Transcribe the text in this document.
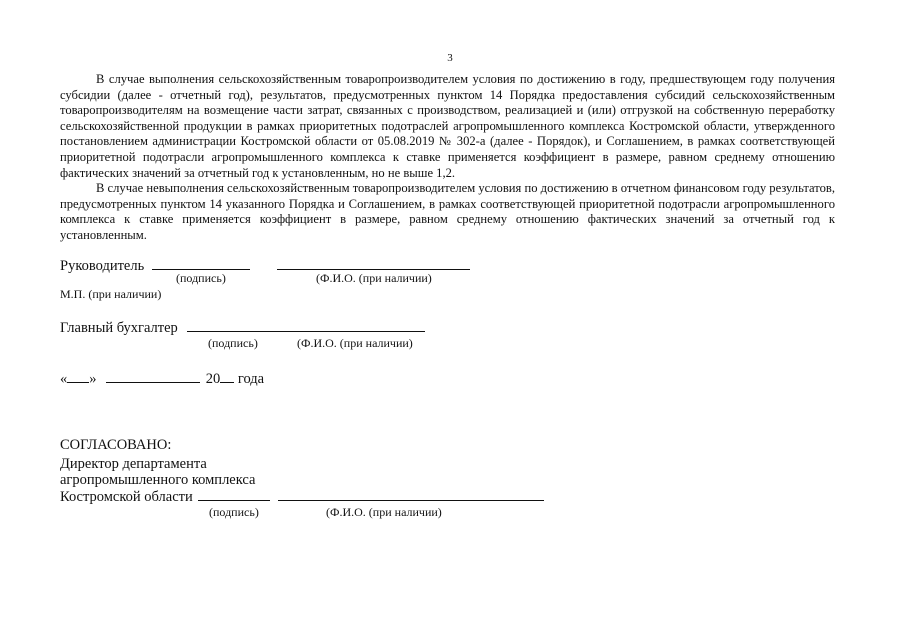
3

В случае выполнения сельскохозяйственным товаропроизводителем условия по достижению в году, предшествующем году получения субсидии (далее - отчетный год), результатов, предусмотренных пунктом 14 Порядка предоставления субсидий сельскохозяйственным товаропроизводителям на возмещение части затрат, связанных с производством, реализацией и (или) отгрузкой на собственную переработку сельскохозяйственной продукции в рамках приоритетных подотраслей агропромышленного комплекса Костромской области, утвержденного постановлением администрации Костромской области от 05.08.2019 № 302-а (далее - Порядок), и Соглашением, в рамках соответствующей приоритетной подотрасли агропромышленного комплекса к ставке применяется коэффициент в размере, равном среднему отношению фактических значений за отчетный год к установленным, но не выше 1,2.

В случае невыполнения сельскохозяйственным товаропроизводителем условия по достижению в отчетном финансовом году результатов, предусмотренных пунктом 14 указанного Порядка и Соглашением, в рамках соответствующей приоритетной подотрасли агропромышленного комплекса к ставке применяется коэффициент в размере, равном среднему отношению фактических значений за отчетный год к установленным.

Руководитель
(подпись)	(Ф.И.О. (при наличии)
М.П. (при наличии)
Главный бухгалтер
(подпись)	(Ф.И.О. (при наличии)
« »	20 года
СОГЛАСОВАНО:
Директор департамента
агропромышленного комплекса
Костромской области
(подпись)	(Ф.И.О. (при наличии)
